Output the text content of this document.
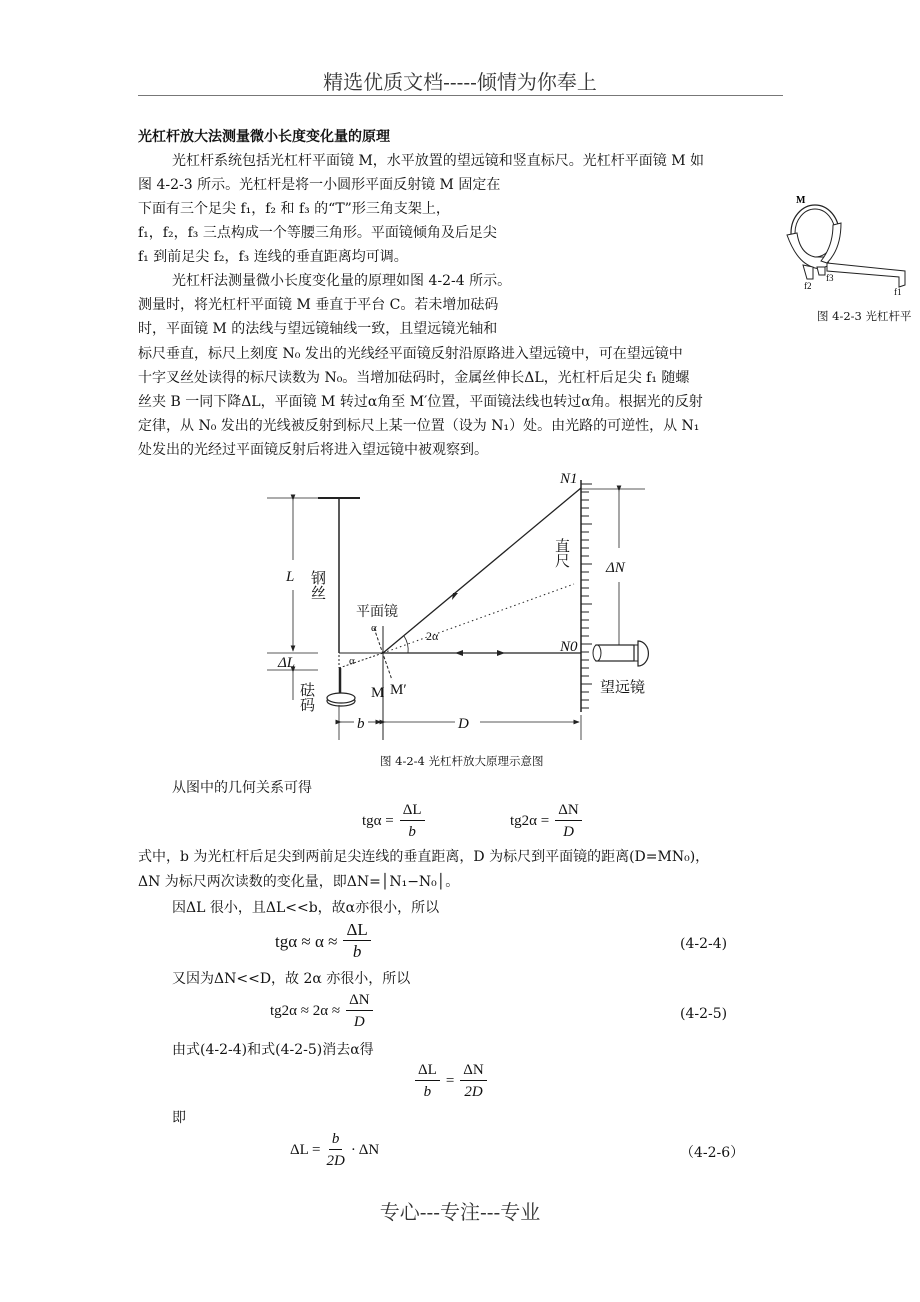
精选优质文档-----倾情为你奉上
光杠杆放大法测量微小长度变化量的原理
光杠杆系统包括光杠杆平面镜 M，水平放置的望远镜和竖直标尺。光杠杆平面镜 M 如
图 4-2-3 所示。光杠杆是将一小圆形平面反射镜 M 固定在
下面有三个足尖 f₁，f₂ 和 f₃ 的“T”形三角支架上，
f₁，f₂，f₃ 三点构成一个等腰三角形。平面镜倾角及后足尖
f₁ 到前足尖 f₂，f₃ 连线的垂直距离均可调。
光杠杆法测量微小长度变化量的原理如图 4-2-4 所示。
测量时，将光杠杆平面镜 M 垂直于平台 C。若未增加砝码
时，平面镜 M 的法线与望远镜轴线一致，且望远镜光轴和
标尺垂直，标尺上刻度 N₀ 发出的光线经平面镜反射沿原路进入望远镜中，可在望远镜中
十字叉丝处读得的标尺读数为 N₀。当增加砝码时，金属丝伸长ΔL，光杠杆后足尖 f₁ 随螺
丝夹 B 一同下降ΔL，平面镜 M 转过α角至 M′位置，平面镜法线也转过α角。根据光的反射
定律，从 N₀ 发出的光线被反射到标尺上某一位置（设为 N₁）处。由光路的可逆性，从 N₁
处发出的光经过平面镜反射后将进入望远镜中被观察到。
M
f2
f3
f1
图 4-2-3 光杠杆平
N1
N0
直尺 ΔN
L 钢丝
平面镜
2α
α
α
ΔL
砝码	M M′	望远镜
b	D
图 4-2-4 光杠杆放大原理示意图
从图中的几何关系可得
$tg\alpha = \frac{\Delta L}{b}$	$tg2\alpha = \frac{\Delta N}{D}$
式中，b 为光杠杆后足尖到两前足尖连线的垂直距离，D 为标尺到平面镜的距离(D=MN₀)，
ΔN 为标尺两次读数的变化量，即ΔN=│N₁−N₀│。
因ΔL 很小，且ΔL<<b，故α亦很小，所以
$tg\alpha \approx \alpha \approx \frac{\Delta L}{b}$	(4-2-4)
又因为ΔN<<D，故 2α 亦很小，所以
$tg2\alpha \approx 2\alpha \approx \frac{\Delta N}{D}$	(4-2-5)
由式(4-2-4)和式(4-2-5)消去α得
$\frac{\Delta L}{b} = \frac{\Delta N}{2D}$
即
$\Delta L = \frac{b}{2D} \cdot \Delta N$	（4-2-6）
专心---专注---专业
